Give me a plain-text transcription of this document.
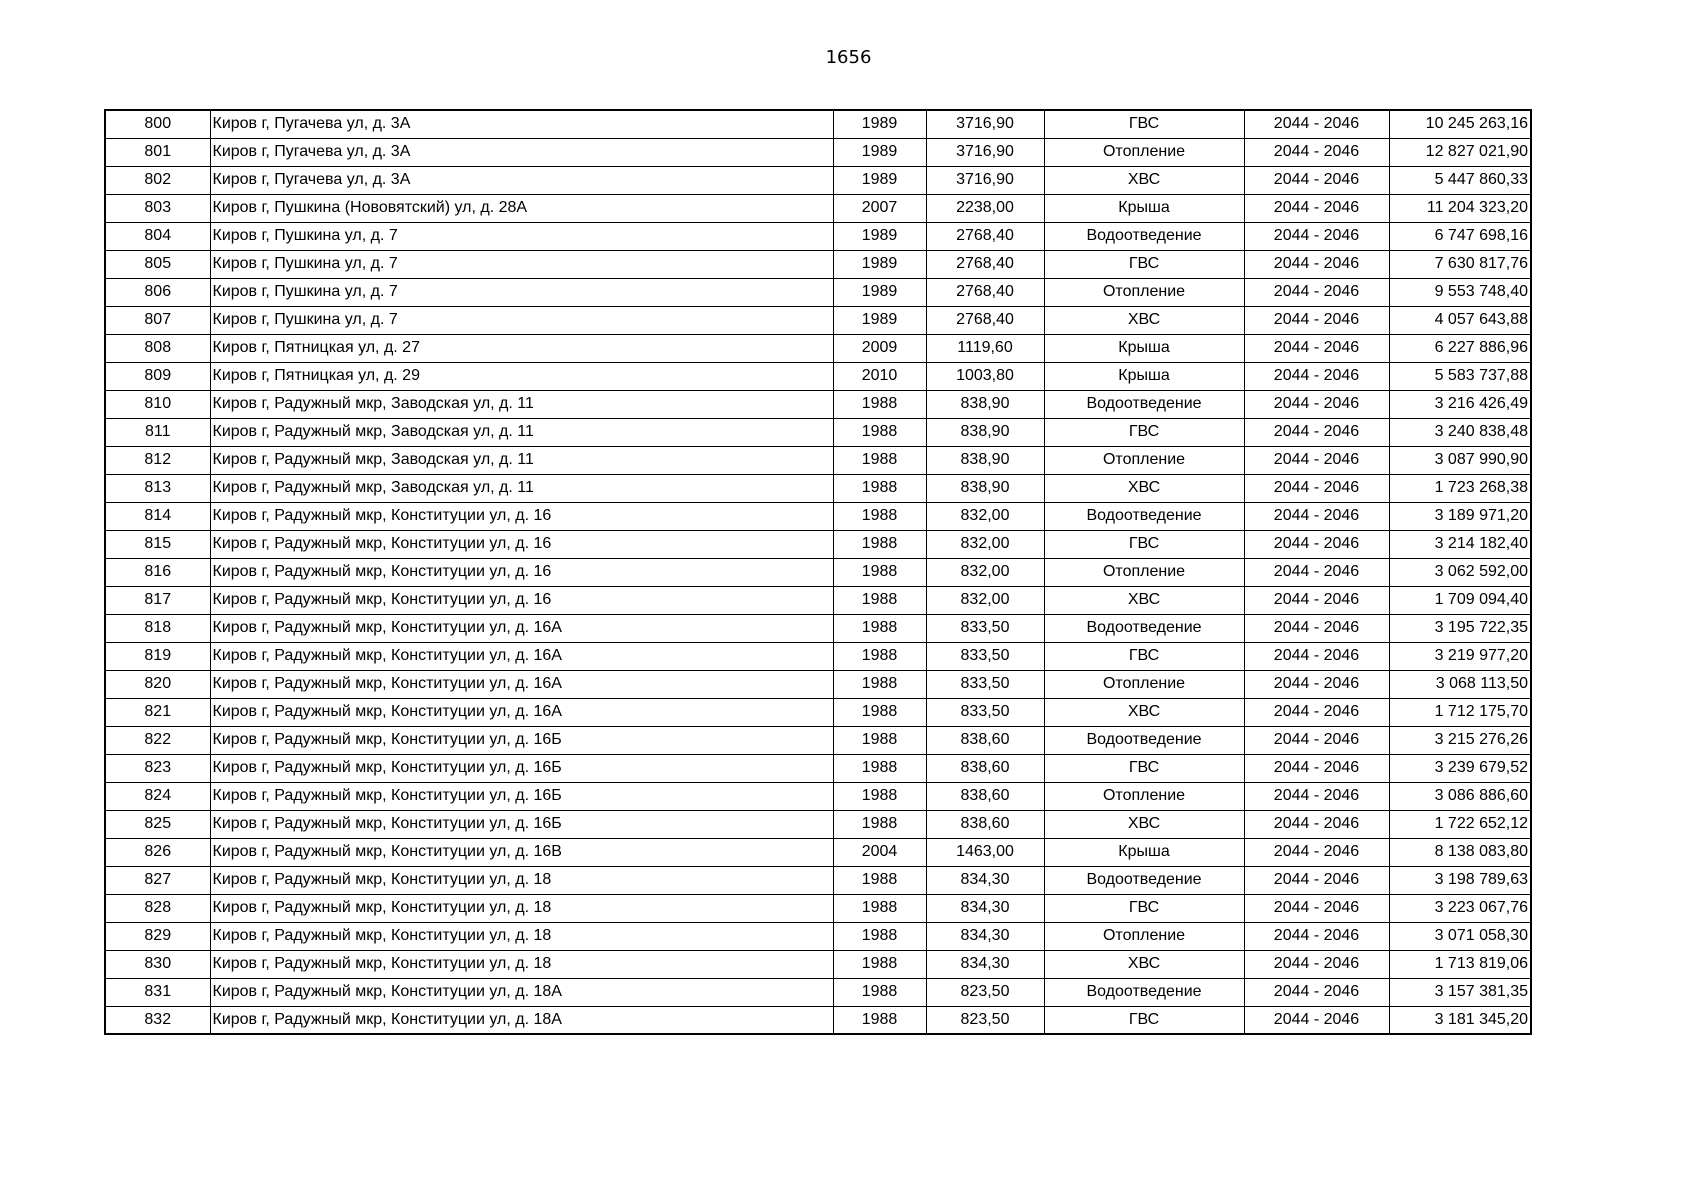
1656
800	Киров г, Пугачева ул, д. 3А	1989	3716,90	ГВС	2044 - 2046	10 245 263,16
801	Киров г, Пугачева ул, д. 3А	1989	3716,90	Отопление	2044 - 2046	12 827 021,90
802	Киров г, Пугачева ул, д. 3А	1989	3716,90	ХВС	2044 - 2046	5 447 860,33
803	Киров г, Пушкина (Нововятский) ул, д. 28А	2007	2238,00	Крыша	2044 - 2046	11 204 323,20
804	Киров г, Пушкина ул, д. 7	1989	2768,40	Водоотведение	2044 - 2046	6 747 698,16
805	Киров г, Пушкина ул, д. 7	1989	2768,40	ГВС	2044 - 2046	7 630 817,76
806	Киров г, Пушкина ул, д. 7	1989	2768,40	Отопление	2044 - 2046	9 553 748,40
807	Киров г, Пушкина ул, д. 7	1989	2768,40	ХВС	2044 - 2046	4 057 643,88
808	Киров г, Пятницкая ул, д. 27	2009	1119,60	Крыша	2044 - 2046	6 227 886,96
809	Киров г, Пятницкая ул, д. 29	2010	1003,80	Крыша	2044 - 2046	5 583 737,88
810	Киров г, Радужный мкр, Заводская ул, д. 11	1988	838,90	Водоотведение	2044 - 2046	3 216 426,49
811	Киров г, Радужный мкр, Заводская ул, д. 11	1988	838,90	ГВС	2044 - 2046	3 240 838,48
812	Киров г, Радужный мкр, Заводская ул, д. 11	1988	838,90	Отопление	2044 - 2046	3 087 990,90
813	Киров г, Радужный мкр, Заводская ул, д. 11	1988	838,90	ХВС	2044 - 2046	1 723 268,38
814	Киров г, Радужный мкр, Конституции ул, д. 16	1988	832,00	Водоотведение	2044 - 2046	3 189 971,20
815	Киров г, Радужный мкр, Конституции ул, д. 16	1988	832,00	ГВС	2044 - 2046	3 214 182,40
816	Киров г, Радужный мкр, Конституции ул, д. 16	1988	832,00	Отопление	2044 - 2046	3 062 592,00
817	Киров г, Радужный мкр, Конституции ул, д. 16	1988	832,00	ХВС	2044 - 2046	1 709 094,40
818	Киров г, Радужный мкр, Конституции ул, д. 16А	1988	833,50	Водоотведение	2044 - 2046	3 195 722,35
819	Киров г, Радужный мкр, Конституции ул, д. 16А	1988	833,50	ГВС	2044 - 2046	3 219 977,20
820	Киров г, Радужный мкр, Конституции ул, д. 16А	1988	833,50	Отопление	2044 - 2046	3 068 113,50
821	Киров г, Радужный мкр, Конституции ул, д. 16А	1988	833,50	ХВС	2044 - 2046	1 712 175,70
822	Киров г, Радужный мкр, Конституции ул, д. 16Б	1988	838,60	Водоотведение	2044 - 2046	3 215 276,26
823	Киров г, Радужный мкр, Конституции ул, д. 16Б	1988	838,60	ГВС	2044 - 2046	3 239 679,52
824	Киров г, Радужный мкр, Конституции ул, д. 16Б	1988	838,60	Отопление	2044 - 2046	3 086 886,60
825	Киров г, Радужный мкр, Конституции ул, д. 16Б	1988	838,60	ХВС	2044 - 2046	1 722 652,12
826	Киров г, Радужный мкр, Конституции ул, д. 16В	2004	1463,00	Крыша	2044 - 2046	8 138 083,80
827	Киров г, Радужный мкр, Конституции ул, д. 18	1988	834,30	Водоотведение	2044 - 2046	3 198 789,63
828	Киров г, Радужный мкр, Конституции ул, д. 18	1988	834,30	ГВС	2044 - 2046	3 223 067,76
829	Киров г, Радужный мкр, Конституции ул, д. 18	1988	834,30	Отопление	2044 - 2046	3 071 058,30
830	Киров г, Радужный мкр, Конституции ул, д. 18	1988	834,30	ХВС	2044 - 2046	1 713 819,06
831	Киров г, Радужный мкр, Конституции ул, д. 18А	1988	823,50	Водоотведение	2044 - 2046	3 157 381,35
832	Киров г, Радужный мкр, Конституции ул, д. 18А	1988	823,50	ГВС	2044 - 2046	3 181 345,20
